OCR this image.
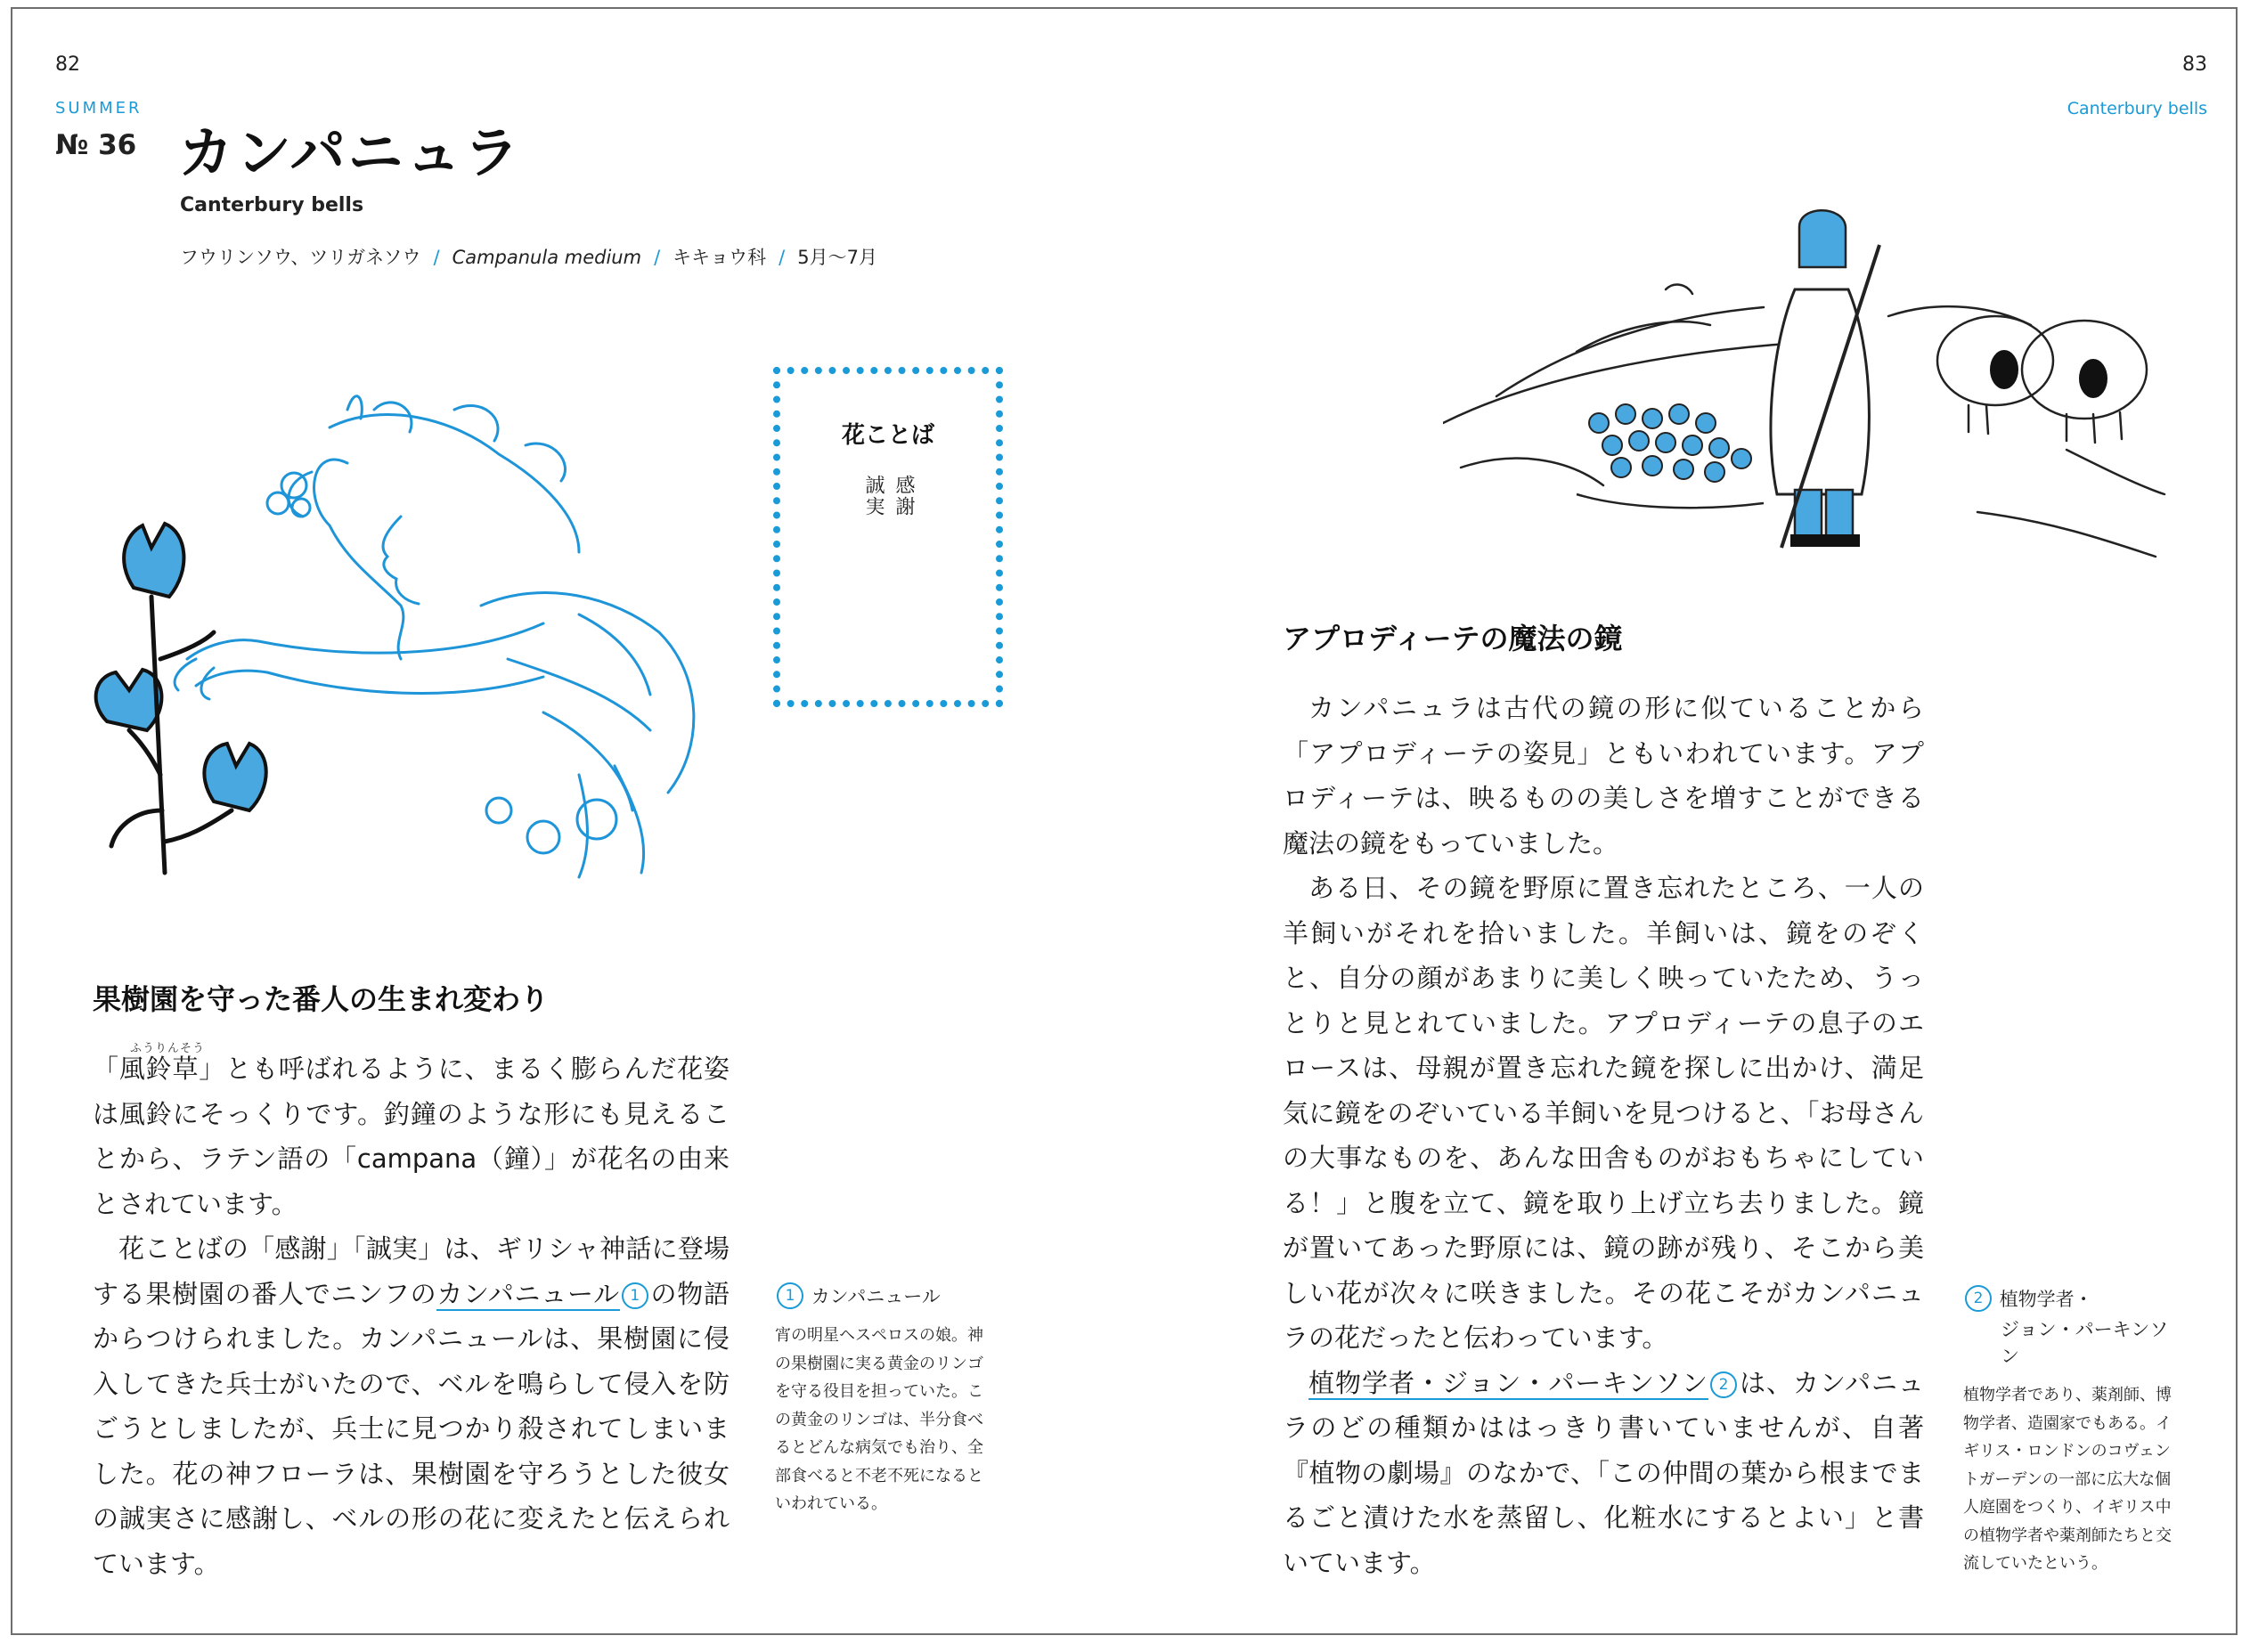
82
SUMMER
№ 36 カンパニュラ
Canterbury bells
フウリンソウ、ツリガネソウ / Campanula medium / キキョウ科 / 5月〜7月
花ことば
感謝
誠実
果樹園を守った番人の生まれ変わり
ふうりんそう

「風鈴草」とも呼ばれるように、まるく膨らんだ花姿は風鈴にそっくりです。釣鐘のような形にも見えることから、ラテン語の「campana（鐘）」が花名の由来とされています。

花ことばの「感謝」「誠実」は、ギリシャ神話に登場する果樹園の番人でニンフのカンパニュール 1 の物語からつけられました。カンパニュールは、果樹園に侵入してきた兵士がいたので、ベルを鳴らして侵入を防ごうとしましたが、兵士に見つかり殺されてしまいました。花の神フローラは、果樹園を守ろうとした彼女の誠実さに感謝し、ベルの形の花に変えたと伝えられています。

1 カンパニュール
宵の明星ヘスペロスの娘。神の果樹園に実る黄金のリンゴを守る役目を担っていた。この黄金のリンゴは、半分食べるとどんな病気でも治り、全部食べると不老不死になるといわれている。
83
Canterbury bells
アプロディーテの魔法の鏡

カンパニュラは古代の鏡の形に似ていることから「アプロディーテの姿見」ともいわれています。アプロディーテは、映るものの美しさを増すことができる魔法の鏡をもっていました。

ある日、その鏡を野原に置き忘れたところ、一人の羊飼いがそれを拾いました。羊飼いは、鏡をのぞくと、自分の顔があまりに美しく映っていたため、うっとりと見とれていました。アプロディーテの息子のエロースは、母親が置き忘れた鏡を探しに出かけ、満足気に鏡をのぞいている羊飼いを見つけると、「お母さんの大事なものを、あんな田舎ものがおもちゃにしている！」と腹を立て、鏡を取り上げ立ち去りました。鏡が置いてあった野原には、鏡の跡が残り、そこから美しい花が次々に咲きました。その花こそがカンパニュラの花だったと伝わっています。

植物学者・ジョン・パーキンソン 2 は、カンパニュラのどの種類かははっきり書いていませんが、自著『植物の劇場』のなかで、「この仲間の葉から根までまるごと漬けた水を蒸留し、化粧水にするとよい」と書いています。

2 植物学者・
ジョン・パーキンソン
植物学者であり、薬剤師、博物学者、造園家でもある。イギリス・ロンドンのコヴェントガーデンの一部に広大な個人庭園をつくり、イギリス中の植物学者や薬剤師たちと交流していたという。
